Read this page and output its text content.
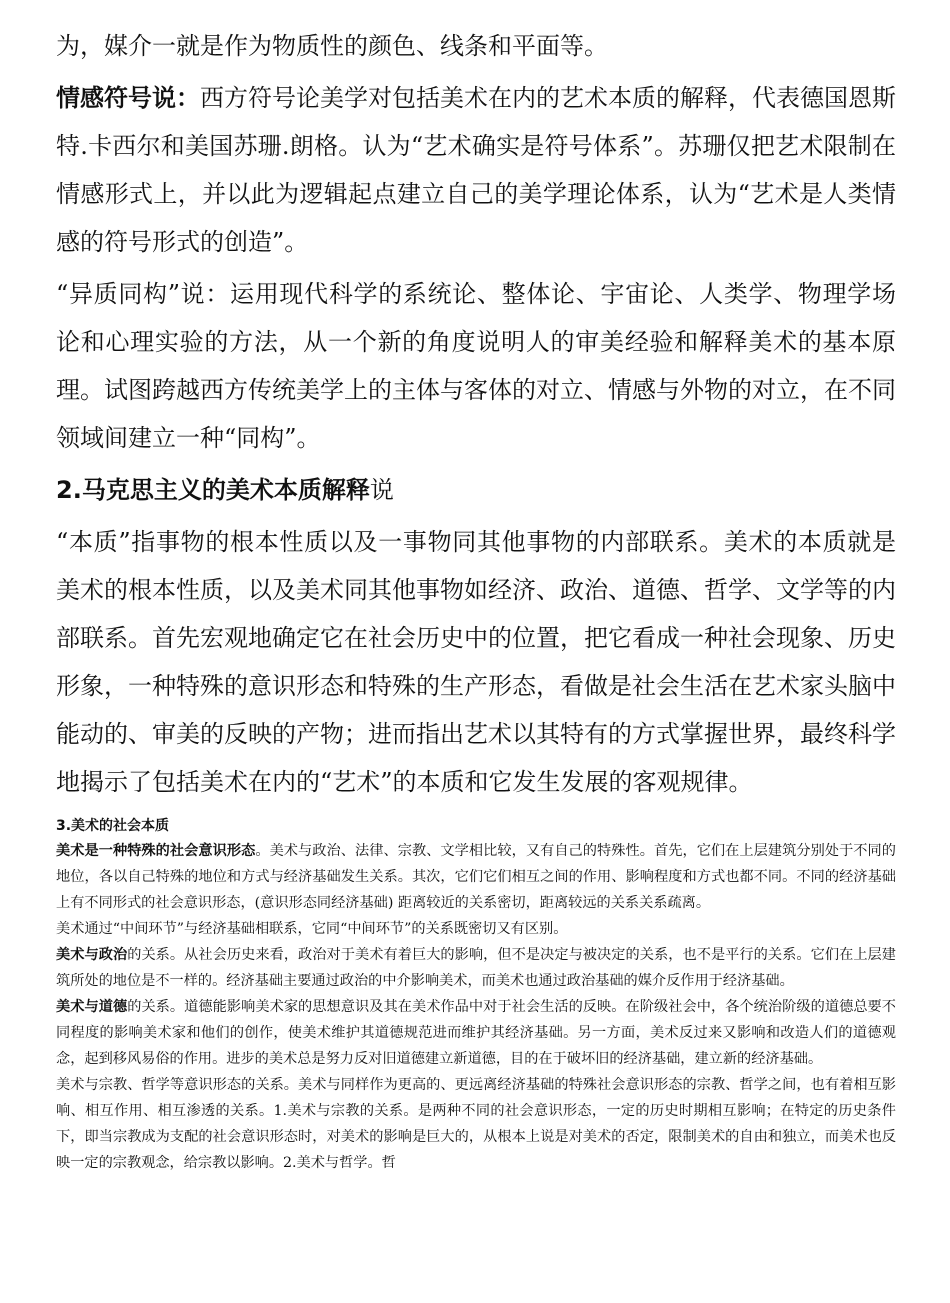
为，媒介一就是作为物质性的颜色、线条和平面等。

情感符号说：西方符号论美学对包括美术在内的艺术本质的解释，代表德国恩斯特.卡西尔和美国苏珊.朗格。认为“艺术确实是符号体系”。苏珊仅把艺术限制在情感形式上，并以此为逻辑起点建立自己的美学理论体系，认为“艺术是人类情感的符号形式的创造”。

“异质同构”说：运用现代科学的系统论、整体论、宇宙论、人类学、物理学场论和心理实验的方法，从一个新的角度说明人的审美经验和解释美术的基本原理。试图跨越西方传统美学上的主体与客体的对立、情感与外物的对立，在不同领域间建立一种“同构”。

2.马克思主义的美术本质解释说

“本质”指事物的根本性质以及一事物同其他事物的内部联系。美术的本质就是美术的根本性质，以及美术同其他事物如经济、政治、道德、哲学、文学等的内部联系。首先宏观地确定它在社会历史中的位置，把它看成一种社会现象、历史形象，一种特殊的意识形态和特殊的生产形态，看做是社会生活在艺术家头脑中能动的、审美的反映的产物；进而指出艺术以其特有的方式掌握世界，最终科学地揭示了包括美术在内的“艺术”的本质和它发生发展的客观规律。

3.美术的社会本质

美术是一种特殊的社会意识形态。美术与政治、法律、宗教、文学相比较，又有自己的特殊性。首先，它们在上层建筑分别处于不同的地位，各以自己特殊的地位和方式与经济基础发生关系。其次，它们它们相互之间的作用、影响程度和方式也都不同。不同的经济基础上有不同形式的社会意识形态，(意识形态同经济基础) 距离较近的关系密切，距离较远的关系关系疏离。

美术通过“中间环节”与经济基础相联系，它同“中间环节”的关系既密切又有区别。

美术与政治的关系。从社会历史来看，政治对于美术有着巨大的影响，但不是决定与被决定的关系，也不是平行的关系。它们在上层建筑所处的地位是不一样的。经济基础主要通过政治的中介影响美术，而美术也通过政治基础的媒介反作用于经济基础。

美术与道德的关系。道德能影响美术家的思想意识及其在美术作品中对于社会生活的反映。在阶级社会中，各个统治阶级的道德总要不同程度的影响美术家和他们的创作，使美术维护其道德规范进而维护其经济基础。另一方面，美术反过来又影响和改造人们的道德观念，起到移风易俗的作用。进步的美术总是努力反对旧道德建立新道德，目的在于破坏旧的经济基础，建立新的经济基础。

美术与宗教、哲学等意识形态的关系。美术与同样作为更高的、更远离经济基础的特殊社会意识形态的宗教、哲学之间，也有着相互影响、相互作用、相互渗透的关系。1.美术与宗教的关系。是两种不同的社会意识形态，一定的历史时期相互影响；在特定的历史条件下，即当宗教成为支配的社会意识形态时，对美术的影响是巨大的，从根本上说是对美术的否定，限制美术的自由和独立，而美术也反映一定的宗教观念，给宗教以影响。2.美术与哲学。哲
